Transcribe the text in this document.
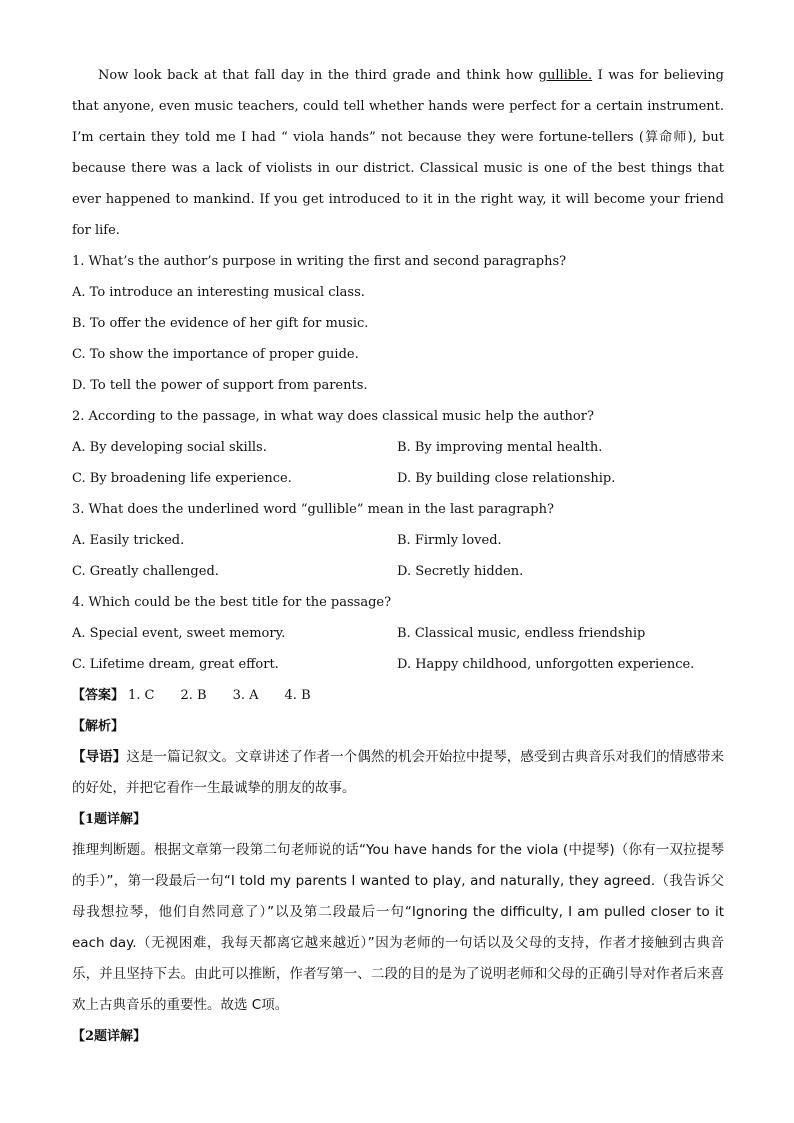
Now look back at that fall day in the third grade and think how gullible. I was for believing that anyone, even music teachers, could tell whether hands were perfect for a certain instrument. I’m certain they told me I had “ viola hands” not because they were fortune-tellers (算命师), but because there was a lack of violists in our district. Classical music is one of the best things that ever happened to mankind. If you get introduced to it in the right way, it will become your friend for life.

1. What’s the author’s purpose in writing the first and second paragraphs?

A. To introduce an interesting musical class.

B. To offer the evidence of her gift for music.

C. To show the importance of proper guide.

D. To tell the power of support from parents.

2. According to the passage, in what way does classical music help the author?

A. By developing social skills.	B. By improving mental health.

C. By broadening life experience.	D. By building close relationship.

3. What does the underlined word “gullible” mean in the last paragraph?

A. Easily tricked.	B. Firmly loved.

C. Greatly challenged.	D. Secretly hidden.

4. Which could be the best title for the passage?

A. Special event, sweet memory.	B. Classical music, endless friendship

C. Lifetime dream, great effort.	D. Happy childhood, unforgotten experience.

【答案】 1. C 2. B 3. A 4. B

【解析】

【导语】这是一篇记叙文。文章讲述了作者一个偶然的机会开始拉中提琴，感受到古典音乐对我们的情感带来的好处，并把它看作一生最诚挚的朋友的故事。

【1题详解】

推理判断题。根据文章第一段第二句老师说的话“You have hands for the viola (中提琴)（你有一双拉提琴的手）”，第一段最后一句“I told my parents I wanted to play, and naturally, they agreed.（我告诉父母我想拉琴，他们自然同意了）”以及第二段最后一句“Ignoring the difficulty, I am pulled closer to it each day.（无视困难，我每天都离它越来越近）”因为老师的一句话以及父母的支持，作者才接触到古典音乐，并且坚持下去。由此可以推断，作者写第一、二段的目的是为了说明老师和父母的正确引导对作者后来喜欢上古典音乐的重要性。故选 C项。

【2题详解】
